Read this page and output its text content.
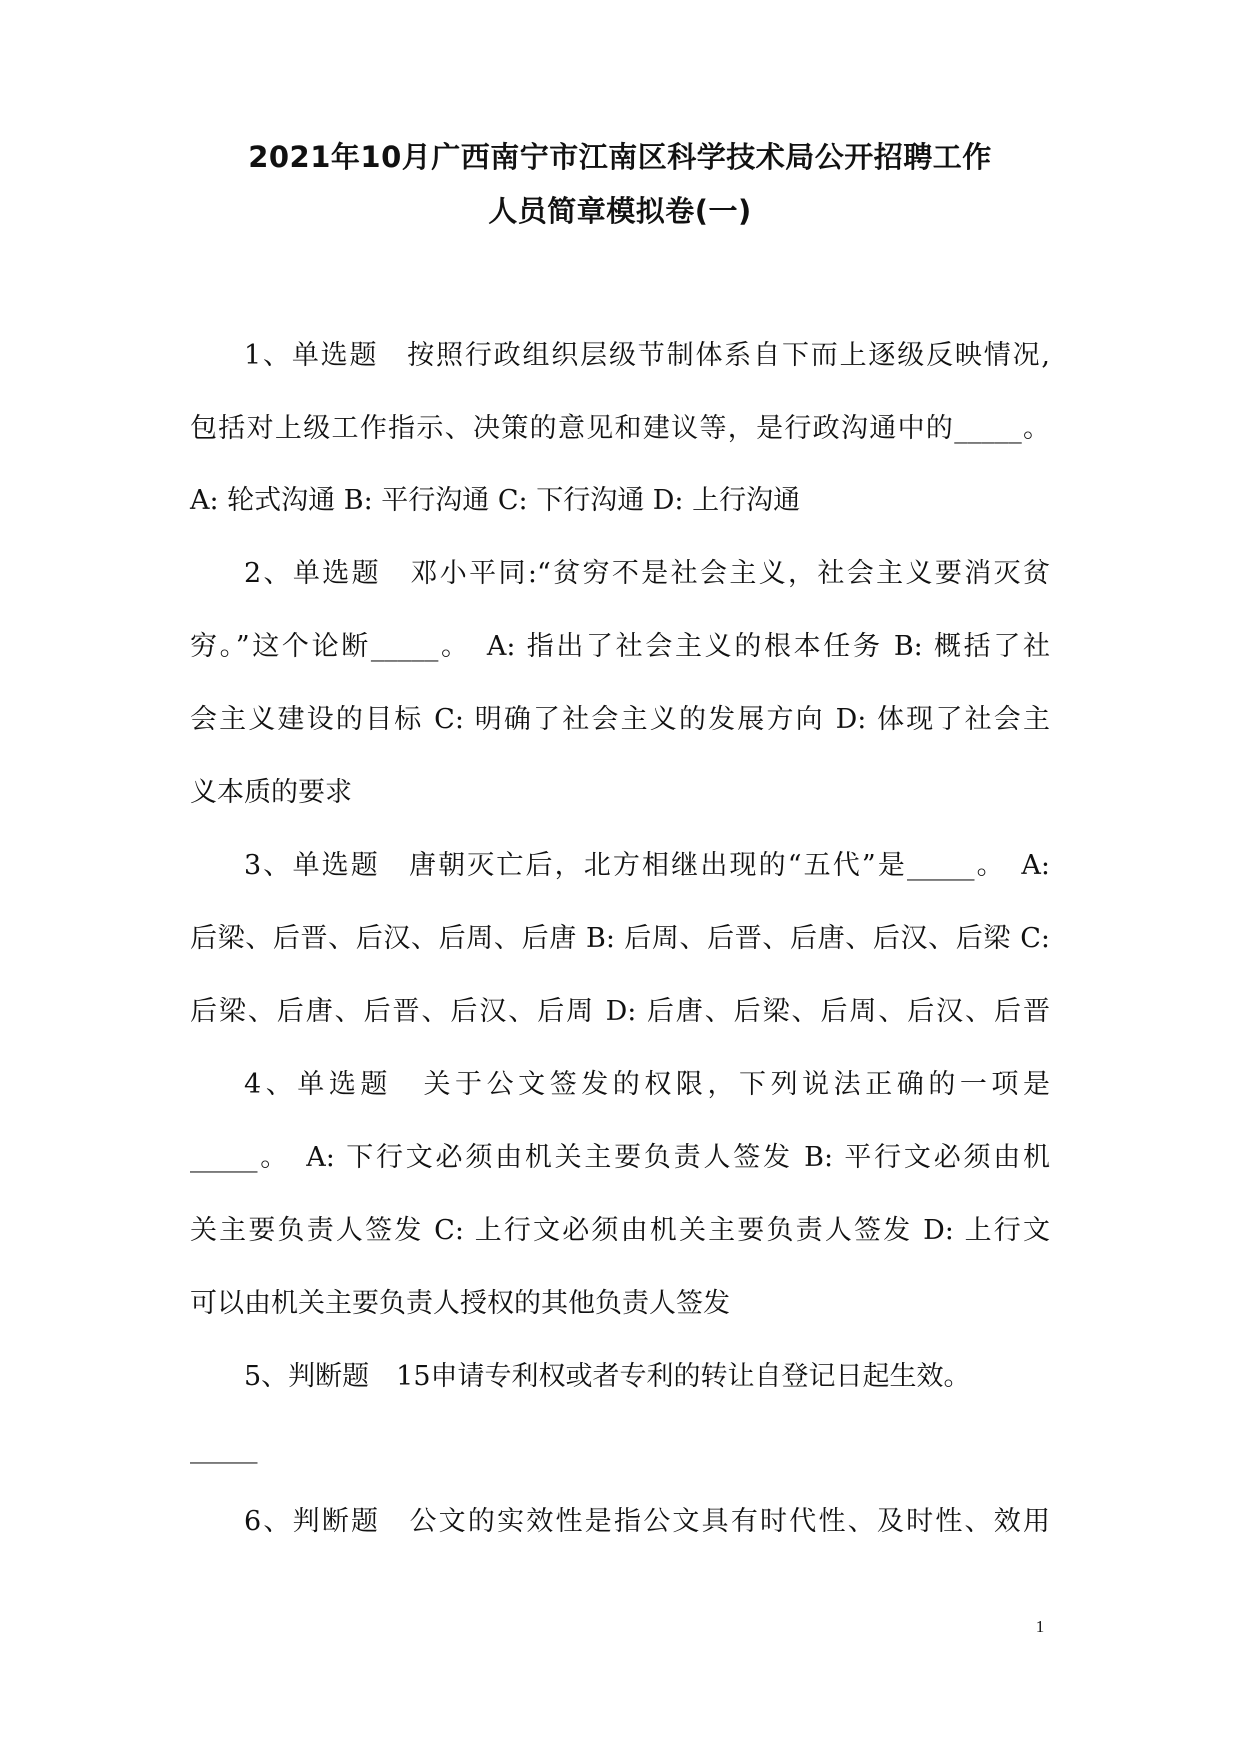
2021年10月广西南宁市江南区科学技术局公开招聘工作
人员简章模拟卷(一)
1、单选题　按照行政组织层级节制体系自下而上逐级反映情况,
包括对上级工作指示、决策的意见和建议等，是行政沟通中的_____。
A: 轮式沟通 B: 平行沟通 C: 下行沟通 D: 上行沟通
2、单选题　邓小平同:“贫穷不是社会主义，社会主义要消灭贫
穷。”这个论断_____。　A: 指出了社会主义的根本任务 B: 概括了社
会主义建设的目标 C: 明确了社会主义的发展方向 D: 体现了社会主
义本质的要求
3、单选题　唐朝灭亡后，北方相继出现的“五代”是_____。　A:
后梁、后晋、后汉、后周、后唐 B: 后周、后晋、后唐、后汉、后梁 C:
后梁、后唐、后晋、后汉、后周 D: 后唐、后梁、后周、后汉、后晋
4、单选题　关于公文签发的权限，下列说法正确的一项是
_____。　A: 下行文必须由机关主要负责人签发 B: 平行文必须由机
关主要负责人签发 C: 上行文必须由机关主要负责人签发 D: 上行文
可以由机关主要负责人授权的其他负责人签发
5、判断题　15申请专利权或者专利的转让自登记日起生效。
_____
6、判断题　公文的实效性是指公文具有时代性、及时性、效用
1
